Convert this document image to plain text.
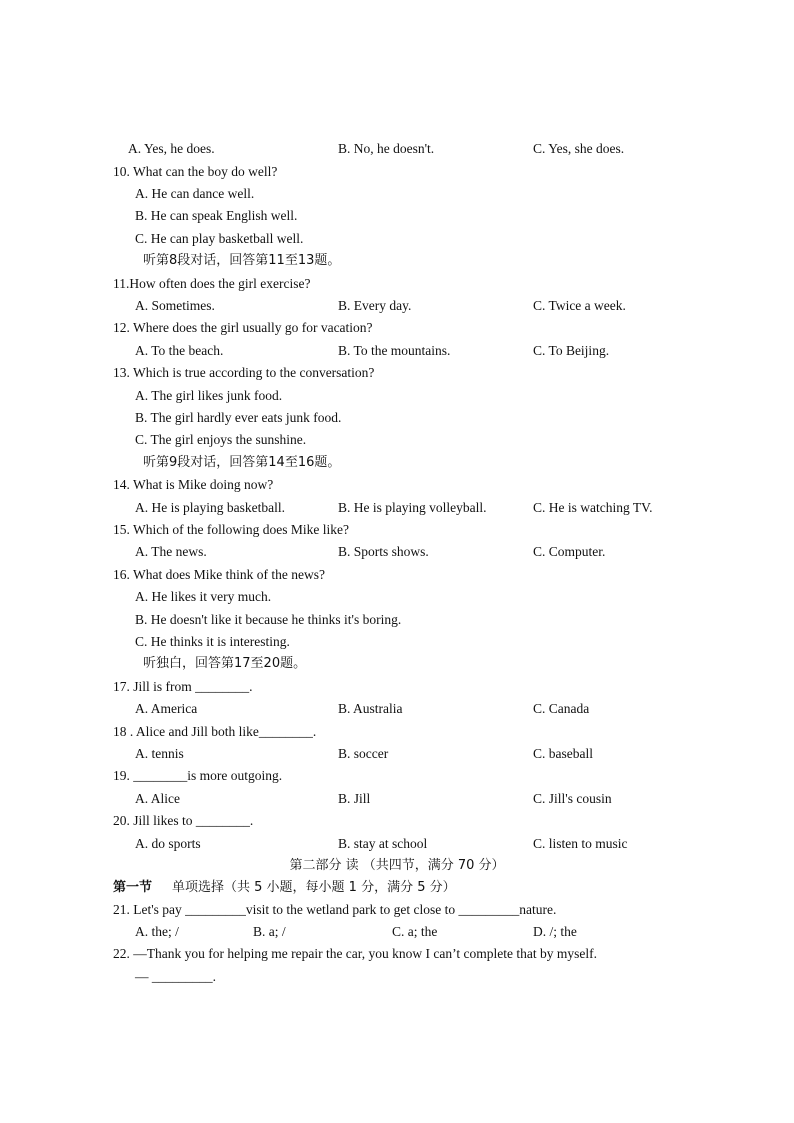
第二部分 读 （共四节，满分 70 分）
A. Yes, he does.	B. No, he doesn't.	C. Yes, she does.
10. What can the boy do well?
A. He can dance well.
B. He can speak English well.
C. He can play basketball well.
听第8段对话，回答第11至13题。
11.How often does the girl exercise?
A. Sometimes.	B. Every day.	C. Twice a week.
12. Where does the girl usually go for vacation?
A. To the beach.	B. To the mountains.	C. To Beijing.
13. Which is true according to the conversation?
A. The girl likes junk food.
B. The girl hardly ever eats junk food.
C. The girl enjoys the sunshine.
听第9段对话，回答第14至16题。
14. What is Mike doing now?
A. He is playing basketball.	B. He is playing volleyball.	C. He is watching TV.
15. Which of the following does Mike like?
A. The news.	B. Sports shows.	C. Computer.
16. What does Mike think of the news?
A. He likes it very much.
B. He doesn't like it because he thinks it's boring.
C. He thinks it is interesting.
听独白，回答第17至20题。
17. Jill is from ________.
A. America	B. Australia	C. Canada
18 . Alice and Jill both like________.
A. tennis	B. soccer	C. baseball
19. ________is more outgoing.
A. Alice	B. Jill	C. Jill's cousin
20. Jill likes to ________.
A. do sports	B. stay at school	C. listen to music
第一节 单项选择（共 5 小题，每小题 1 分，满分 5 分）
21. Let's pay _________visit to the wetland park to get close to _________nature.
A. the; /	B. a; /	C. a; the	D. /; the
22. —Thank you for helping me repair the car, you know I can’t complete that by myself.
— _________.
